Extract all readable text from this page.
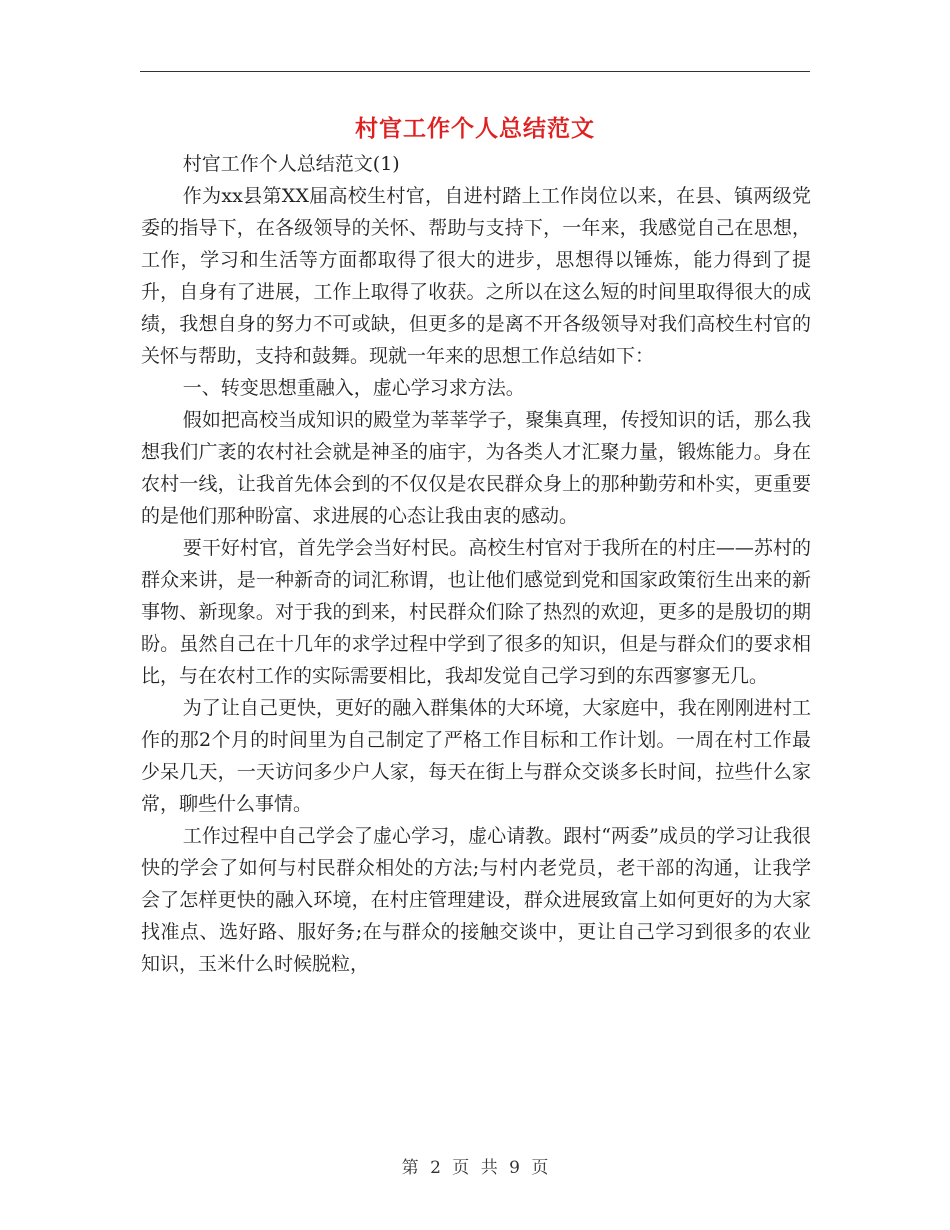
村官工作个人总结范文

村官工作个人总结范文(1)

作为xx县第XX届高校生村官，自进村踏上工作岗位以来，在县、镇两级党委的指导下，在各级领导的关怀、帮助与支持下，一年来，我感觉自己在思想，工作，学习和生活等方面都取得了很大的进步，思想得以锤炼，能力得到了提升，自身有了进展，工作上取得了收获。之所以在这么短的时间里取得很大的成绩，我想自身的努力不可或缺，但更多的是离不开各级领导对我们高校生村官的关怀与帮助，支持和鼓舞。现就一年来的思想工作总结如下：

一、转变思想重融入，虚心学习求方法。

假如把高校当成知识的殿堂为莘莘学子，聚集真理，传授知识的话，那么我想我们广袤的农村社会就是神圣的庙宇，为各类人才汇聚力量，锻炼能力。身在农村一线，让我首先体会到的不仅仅是农民群众身上的那种勤劳和朴实，更重要的是他们那种盼富、求进展的心态让我由衷的感动。

要干好村官，首先学会当好村民。高校生村官对于我所在的村庄——苏村的群众来讲，是一种新奇的词汇称谓，也让他们感觉到党和国家政策衍生出来的新事物、新现象。对于我的到来，村民群众们除了热烈的欢迎，更多的是殷切的期盼。虽然自己在十几年的求学过程中学到了很多的知识，但是与群众们的要求相比，与在农村工作的实际需要相比，我却发觉自己学习到的东西寥寥无几。

为了让自己更快，更好的融入群集体的大环境，大家庭中，我在刚刚进村工作的那2个月的时间里为自己制定了严格工作目标和工作计划。一周在村工作最少呆几天，一天访问多少户人家，每天在街上与群众交谈多长时间，拉些什么家常，聊些什么事情。

工作过程中自己学会了虚心学习，虚心请教。跟村“两委”成员的学习让我很快的学会了如何与村民群众相处的方法;与村内老党员，老干部的沟通，让我学会了怎样更快的融入环境，在村庄管理建设，群众进展致富上如何更好的为大家找准点、选好路、服好务;在与群众的接触交谈中，更让自己学习到很多的农业知识，玉米什么时候脱粒，

第 2 页 共 9 页
